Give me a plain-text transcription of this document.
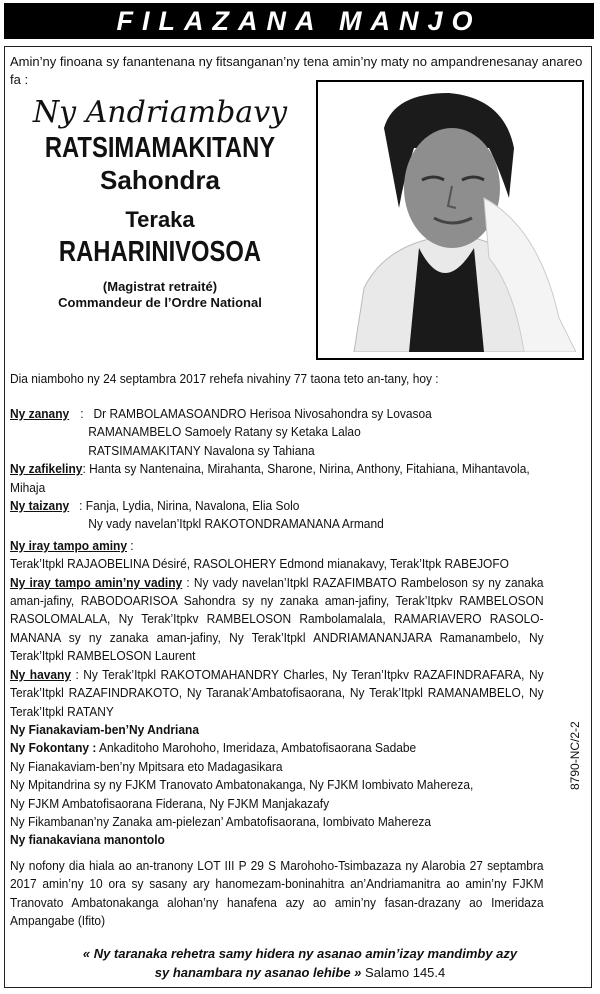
FILAZANA MANJO
Amin’ny finoana sy fanantenana ny fitsanganan’ny tena amin’ny maty no ampandrenesanay anareo fa :
Ny Andriambavy
RATSIMAMAKITANY
Sahondra
Teraka
RAHARINIVOSOA
(Magistrat retraité)
Commandeur de l’Ordre National

Dia niamboho ny 24 septambra 2017 rehefa nivahiny 77 taona teto an-tany, hoy :

Ny zanany :   Dr RAMBOLAMASOANDRO Herisoa Nivosahondra sy Lovasoa

RAMANAMBELO Samoely Ratany sy Ketaka Lalao

RATSIMAMAKITANY Navalona sy Tahiana

Ny zafikeliny: Hanta sy Nantenaina, Mirahanta, Sharone, Nirina, Anthony, Fitahiana, Mihantavola, Mihaja

Ny taizany : Fanja, Lydia, Nirina, Navalona, Elia Solo

Ny vady navelan’Itpkl RAKOTONDRAMANANA Armand

Ny iray tampo aminy :

Terak’Itpkl RAJAOBELINA Désiré, RASOLOHERY Edmond mianakavy, Terak’Itpk RABEJOFO

Ny iray tampo amin’ny vadiny : Ny vady navelan’Itpkl RAZAFIMBATO Rambeloson sy ny zanaka aman-jafiny, RABODOARISOA Sahondra sy ny zanaka aman-jafiny, Terak’Itpkv RAMBELOSON RASOLOMALALA, Ny Terak’Itpkv RAMBELOSON Rambolamalala, RAMARIAVERO RASOLO-MANANA sy ny zanaka aman-jafiny, Ny Terak’Itpkl ANDRIAMANANJARA Ramanambelo, Ny Terak’Itpkl RAMBELOSON Laurent

Ny havany : Ny Terak’Itpkl RAKOTOMAHANDRY Charles, Ny Teran’Itpkv RAZAFINDRAFARA, Ny Terak’Itpkl RAZAFINDRAKOTO, Ny Taranak’Ambatofisaorana, Ny Terak’Itpkl RAMANAMBELO, Ny Terak’Itpkl RATANY

Ny Fianakaviam-ben’Ny Andriana

Ny Fokontany : Ankaditoho Marohoho, Imeridaza, Ambatofisaorana Sadabe

Ny Fianakaviam-ben’ny Mpitsara eto Madagasikara

Ny Mpitandrina sy ny FJKM Tranovato Ambatonakanga, Ny FJKM Iombivato Mahereza,

Ny FJKM Ambatofisaorana Fiderana, Ny FJKM Manjakazafy

Ny Fikambanan’ny Zanaka am-pielezan’ Ambatofisaorana, Iombivato Mahereza

Ny fianakaviana manontolo

Ny nofony dia hiala ao an-tranony LOT III P 29 S Marohoho-Tsimbazaza ny Alarobia 27 septambra 2017 amin’ny 10 ora sy sasany ary hanomezam-boninahitra an’Andriamanitra ao amin’ny FJKM Tranovato Ambatonakanga alohan’ny hanafena azy ao amin’ny fasan-drazany ao Imeridaza Ampangabe (Ifito)

« Ny taranaka rehetra samy hidera ny asanao amin’izay mandimby azy
sy hanambara ny asanao lehibe » Salamo 145.4
8790-NC/2-2
